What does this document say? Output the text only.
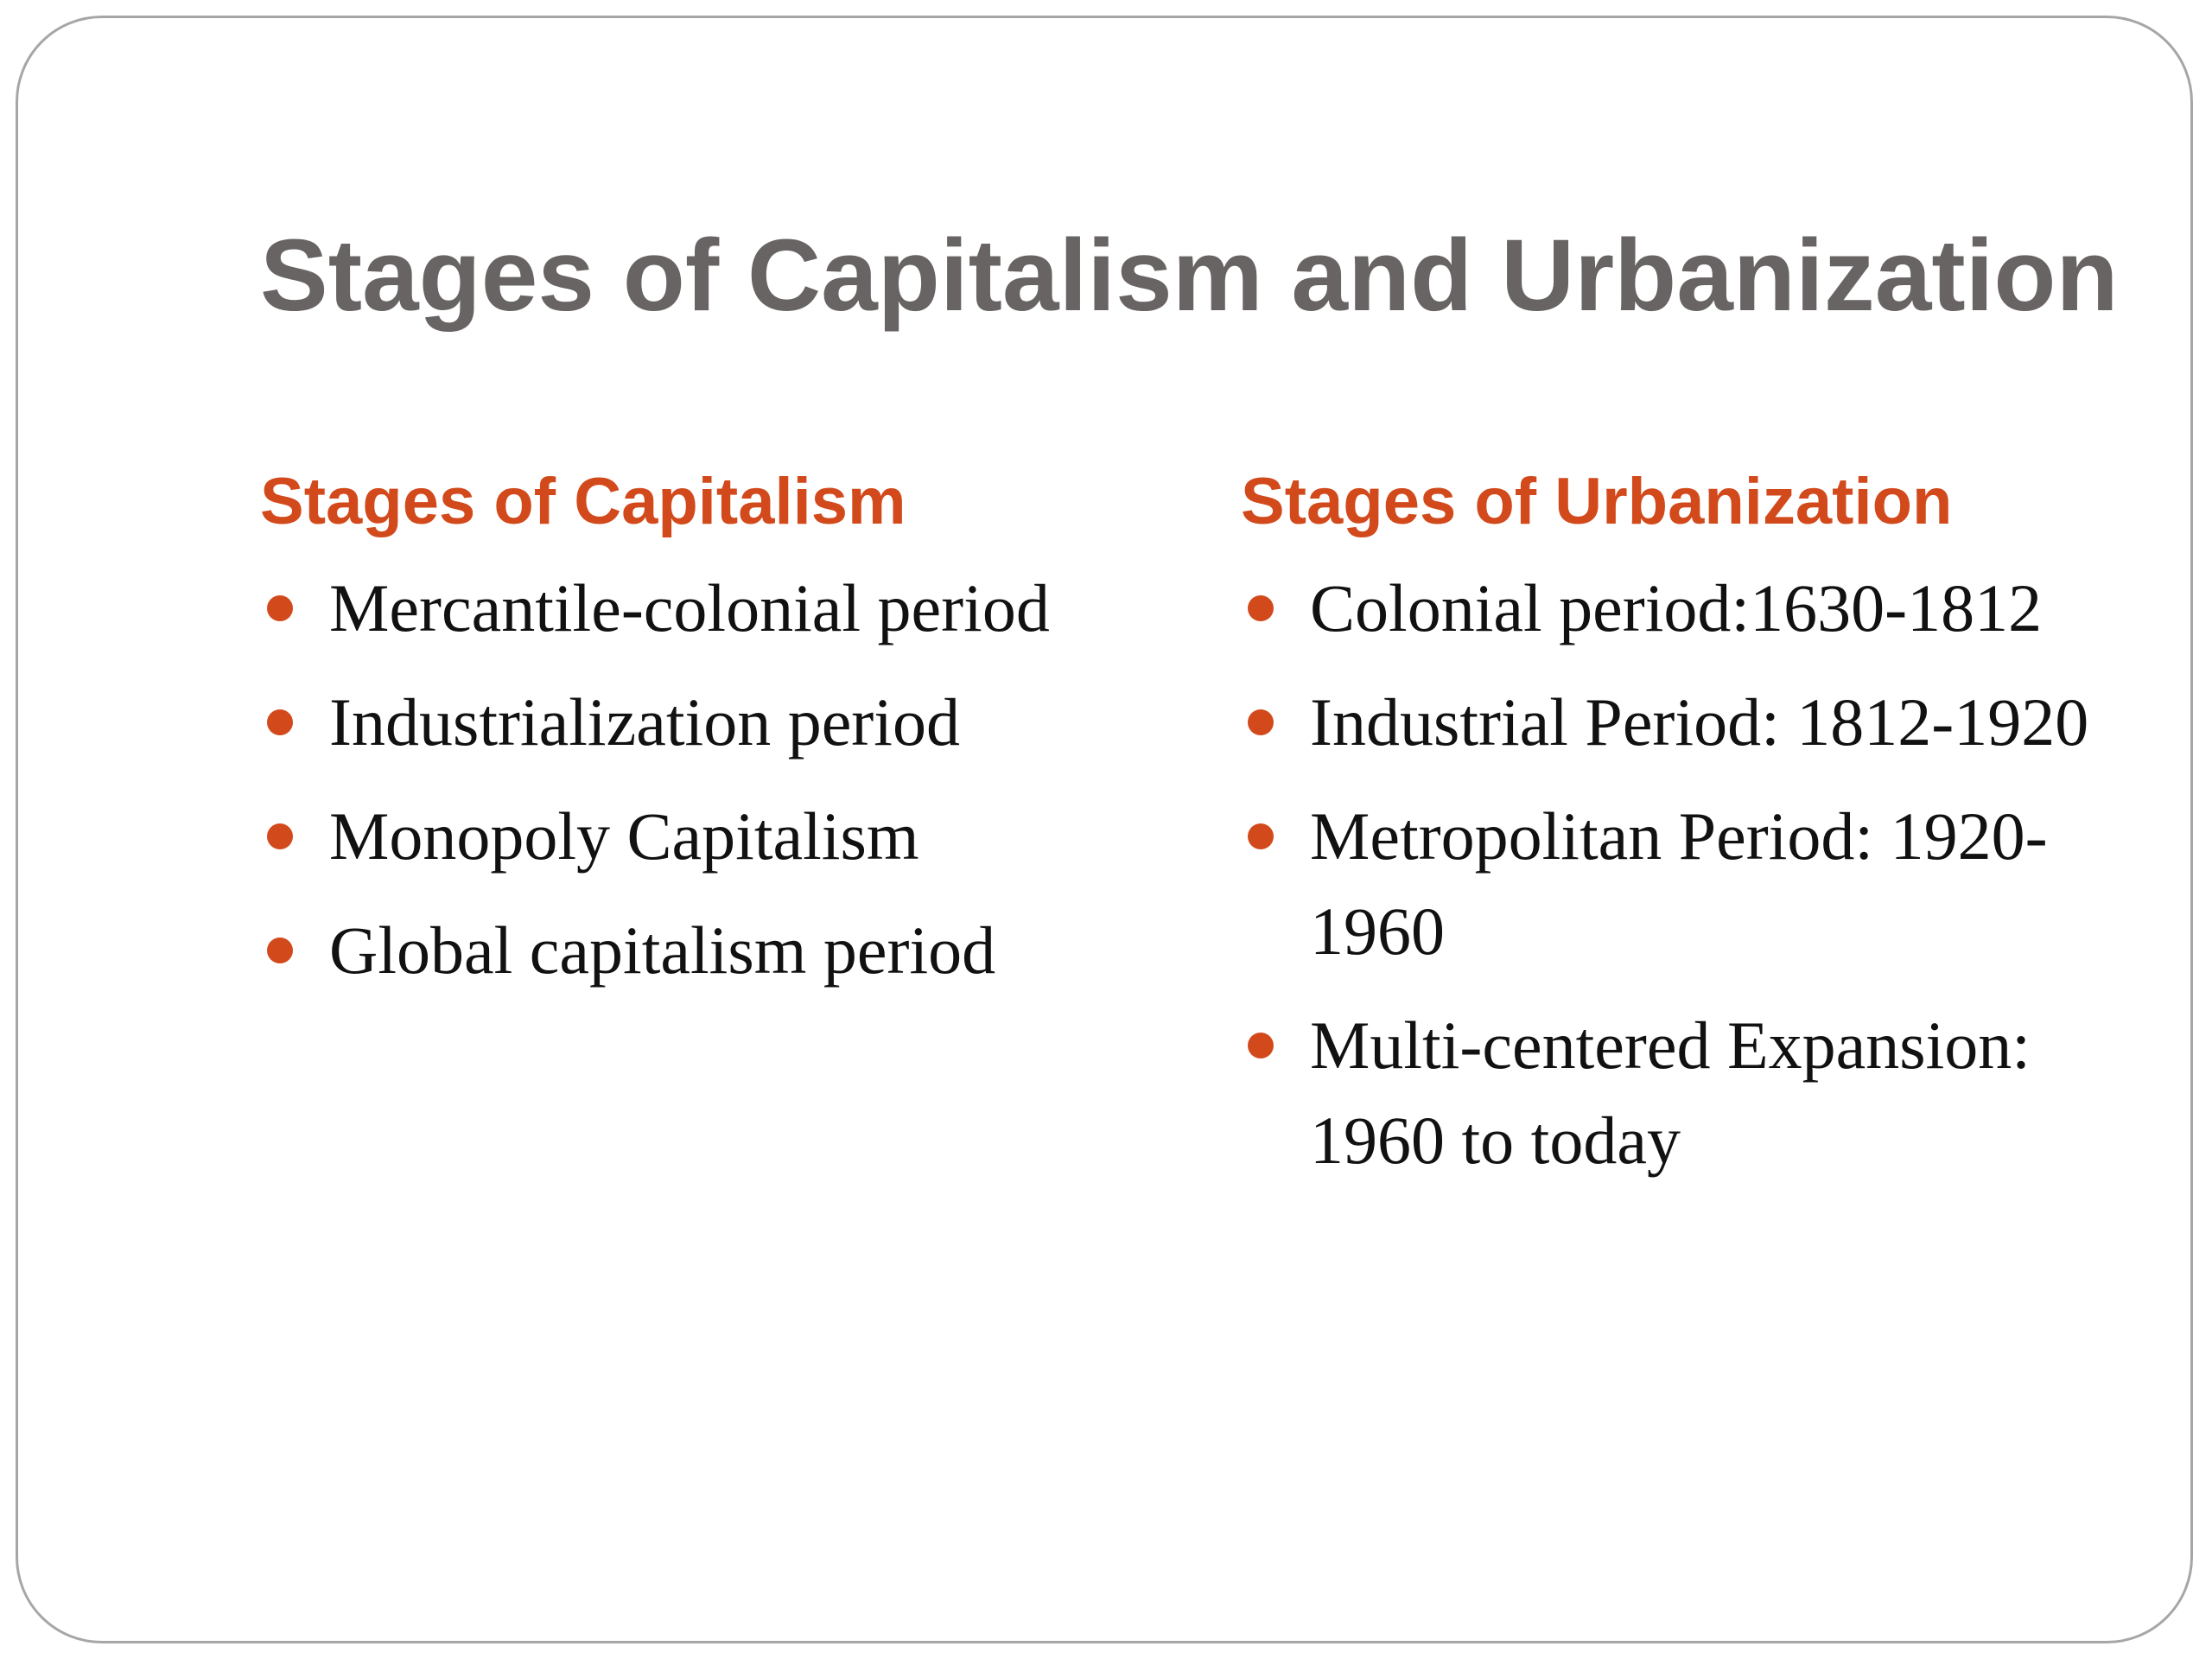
Stages of Capitalism and Urbanization
Stages of Capitalism
Mercantile-colonial period
Industrialization period
Monopoly Capitalism
Global capitalism period
Stages of Urbanization
Colonial period:1630-1812
Industrial Period: 1812-1920
Metropolitan Period: 1920-1960
Multi-centered Expansion: 1960 to today
